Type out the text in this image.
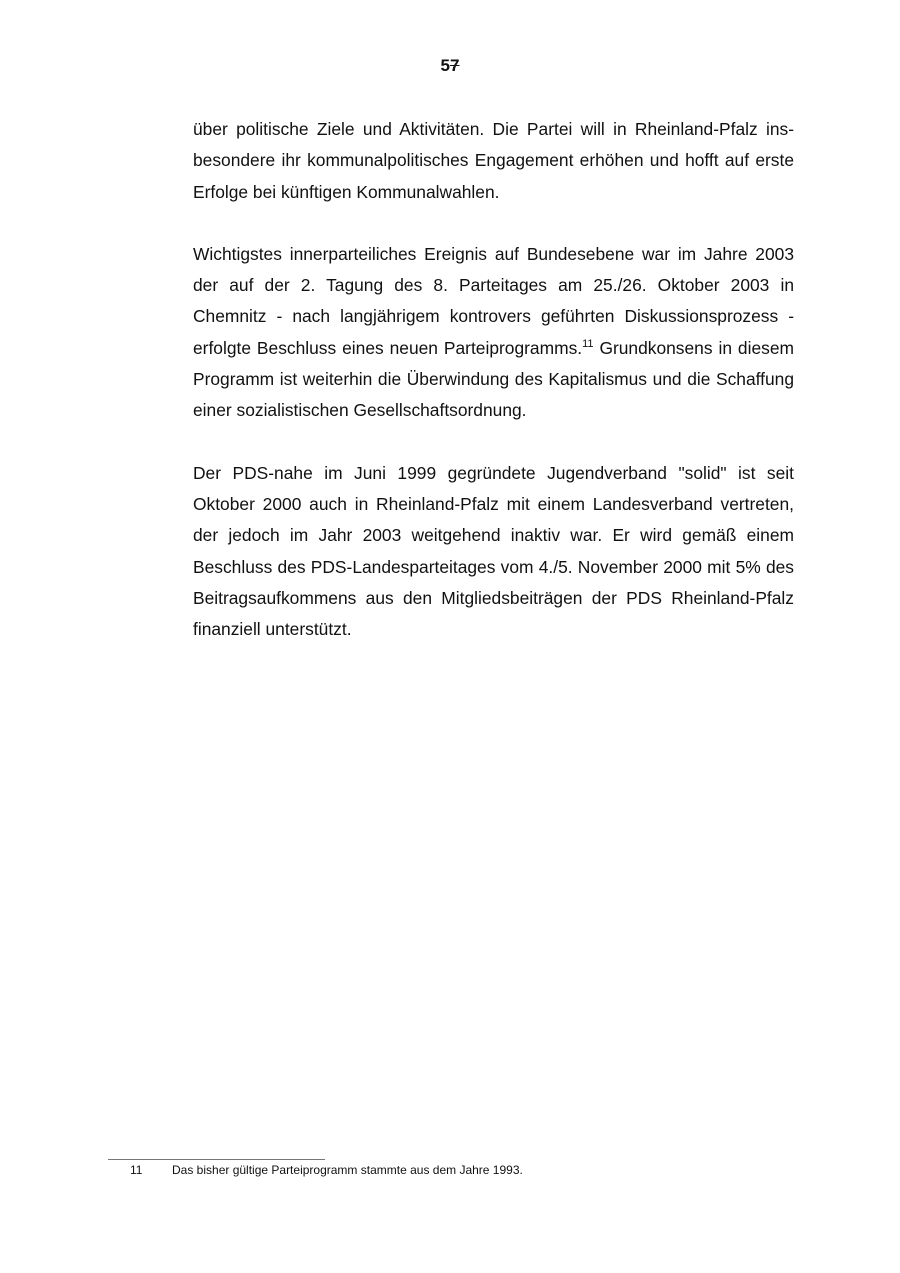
57

über politische Ziele und Aktivitäten. Die Partei will in Rheinland-Pfalz insbesondere ihr kommunalpolitisches Engagement erhöhen und hofft auf erste Erfolge bei künftigen Kommunalwahlen.

Wichtigstes innerparteiliches Ereignis auf Bundesebene war im Jahre 2003 der auf der 2. Tagung des 8. Parteitages am 25./26. Oktober 2003 in Chemnitz - nach langjährigem kontrovers geführten Diskussionsprozess - erfolgte Beschluss eines neuen Parteiprogramms.$^{11}$ Grundkonsens in diesem Programm ist weiterhin die Überwindung des Kapitalismus und die Schaffung einer sozialistischen Gesellschaftsordnung.

Der PDS-nahe im Juni 1999 gegründete Jugendverband "solid" ist seit Oktober 2000 auch in Rheinland-Pfalz mit einem Landesverband vertreten, der jedoch im Jahr 2003 weitgehend inaktiv war. Er wird gemäß einem Beschluss des PDS-Landesparteitages vom 4./5. November 2000 mit 5% des Beitragsaufkommens aus den Mitgliedsbeiträgen der PDS Rheinland-Pfalz finanziell unterstützt.

11 Das bisher gültige Parteiprogramm stammte aus dem Jahre 1993.
